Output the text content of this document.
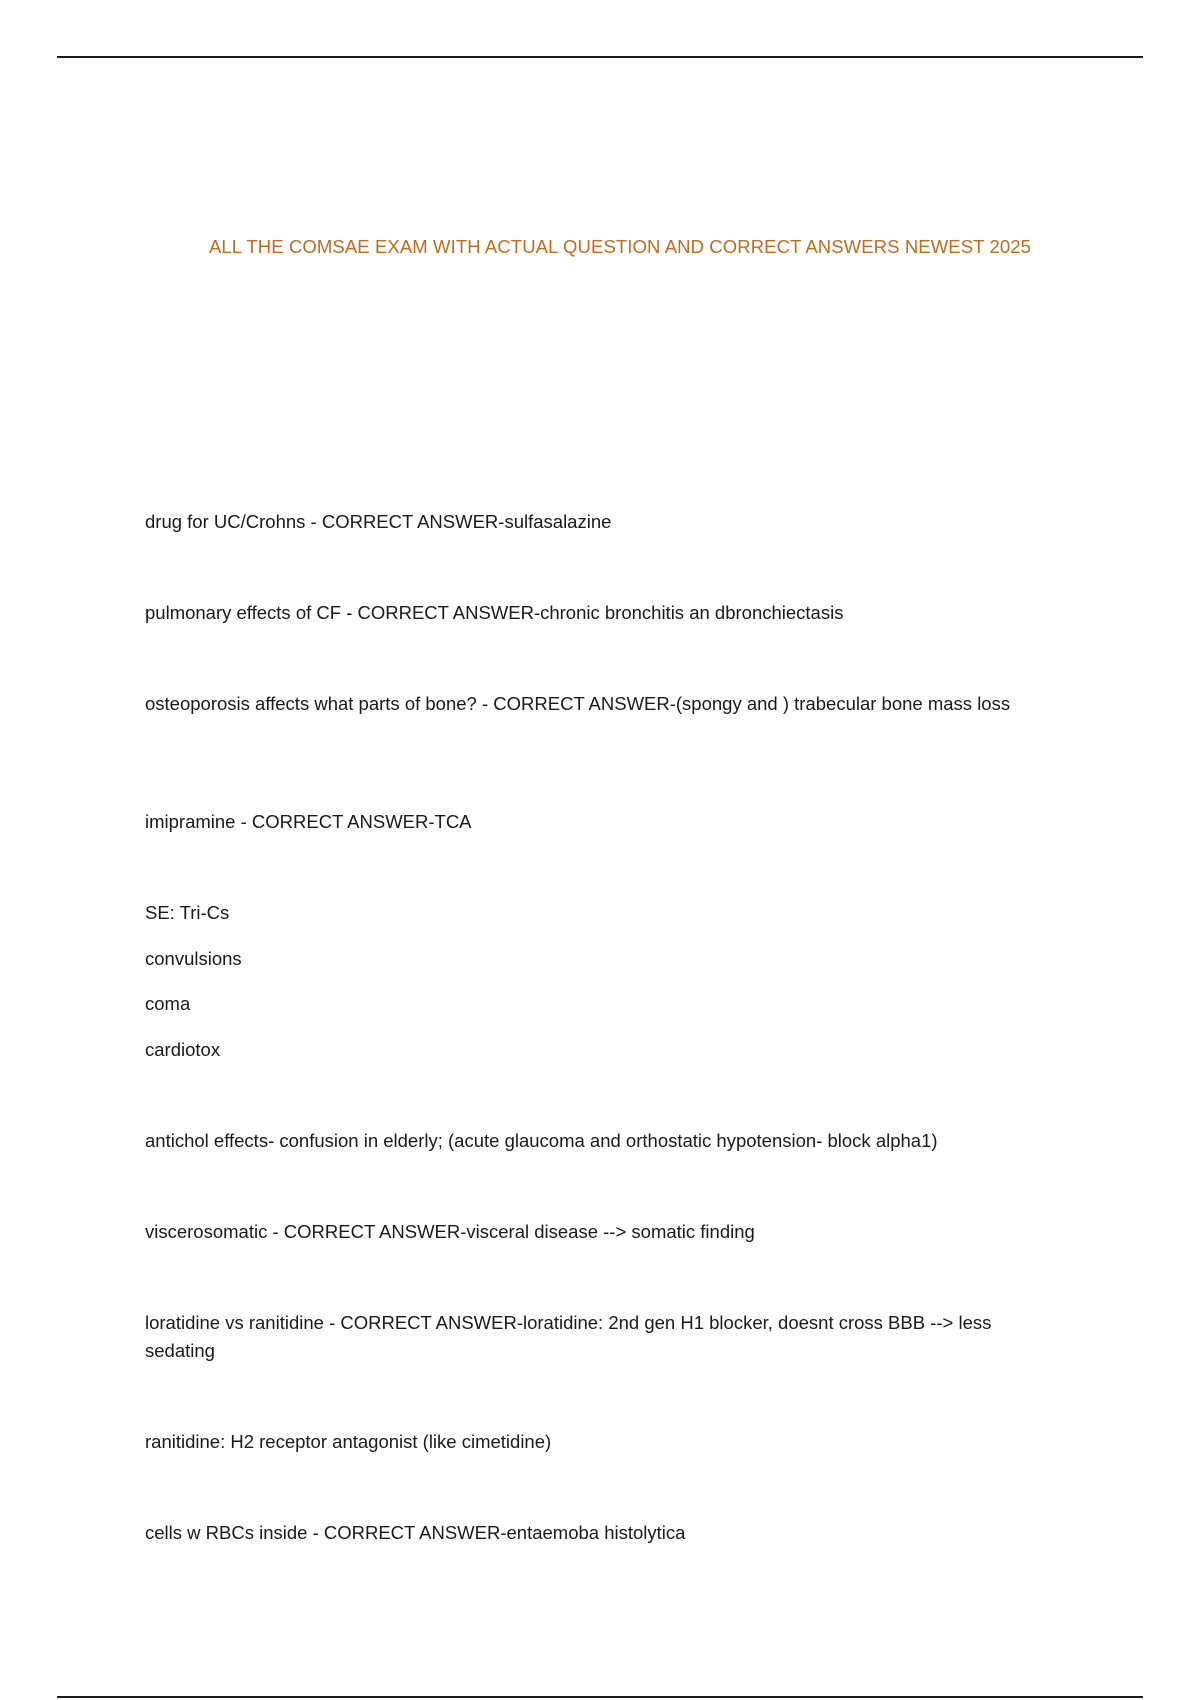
ALL THE COMSAE EXAM WITH ACTUAL QUESTION AND CORRECT ANSWERS NEWEST 2025
drug for UC/Crohns - CORRECT ANSWER-sulfasalazine
pulmonary effects of CF - CORRECT ANSWER-chronic bronchitis an dbronchiectasis
osteoporosis affects what parts of bone? - CORRECT ANSWER-(spongy and ) trabecular bone mass loss
imipramine - CORRECT ANSWER-TCA
SE: Tri-Cs
convulsions
coma
cardiotox
antichol effects- confusion in elderly; (acute glaucoma and orthostatic hypotension- block alpha1)
viscerosomatic - CORRECT ANSWER-visceral disease --> somatic finding
loratidine vs ranitidine - CORRECT ANSWER-loratidine: 2nd gen H1 blocker, doesnt cross BBB --> less sedating
ranitidine: H2 receptor antagonist (like cimetidine)
cells w RBCs inside - CORRECT ANSWER-entaemoba histolytica
